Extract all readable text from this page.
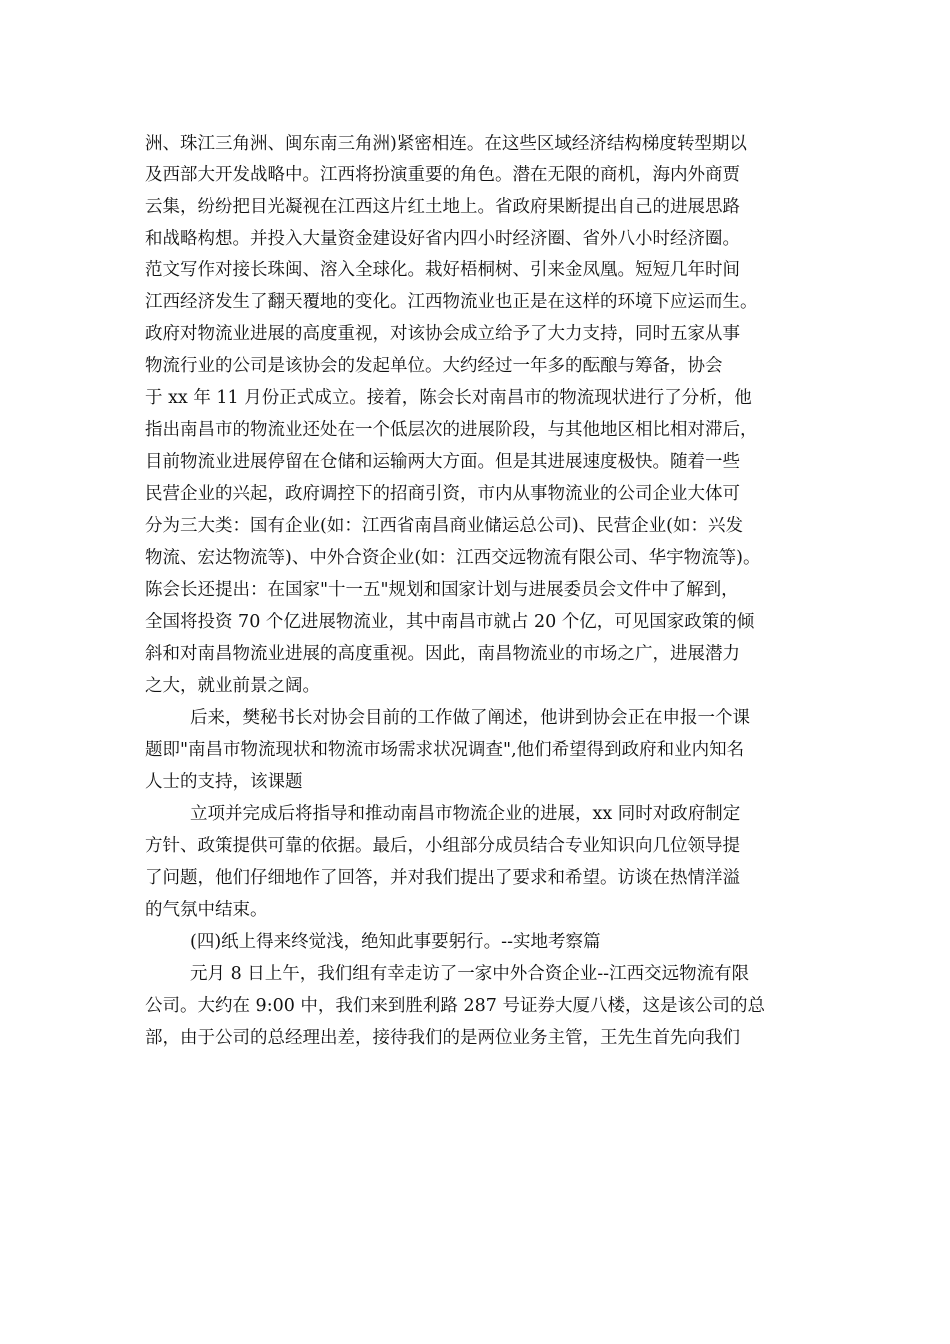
洲、珠江三角洲、闽东南三角洲)紧密相连。在这些区域经济结构梯度转型期以

及西部大开发战略中。江西将扮演重要的角色。潜在无限的商机，海内外商贾

云集，纷纷把目光凝视在江西这片红土地上。省政府果断提出自己的进展思路

和战略构想。并投入大量资金建设好省内四小时经济圈、省外八小时经济圈。

范文写作对接长珠闽、溶入全球化。栽好梧桐树、引来金凤凰。短短几年时间

江西经济发生了翻天覆地的变化。江西物流业也正是在这样的环境下应运而生。

政府对物流业进展的高度重视，对该协会成立给予了大力支持，同时五家从事

物流行业的公司是该协会的发起单位。大约经过一年多的酝酿与筹备，协会

于 xx 年 11 月份正式成立。接着，陈会长对南昌市的物流现状进行了分析，他

指出南昌市的物流业还处在一个低层次的进展阶段，与其他地区相比相对滞后，

目前物流业进展停留在仓储和运输两大方面。但是其进展速度极快。随着一些

民营企业的兴起，政府调控下的招商引资，市内从事物流业的公司企业大体可

分为三大类：国有企业(如：江西省南昌商业储运总公司)、民营企业(如：兴发

物流、宏达物流等)、中外合资企业(如：江西交远物流有限公司、华宇物流等)。

陈会长还提出：在国家"十一五"规划和国家计划与进展委员会文件中了解到，

全国将投资 70 个亿进展物流业，其中南昌市就占 20 个亿，可见国家政策的倾

斜和对南昌物流业进展的高度重视。因此，南昌物流业的市场之广，进展潜力

之大，就业前景之阔。

后来，樊秘书长对协会目前的工作做了阐述，他讲到协会正在申报一个课

题即"南昌市物流现状和物流市场需求状况调查",他们希望得到政府和业内知名

人士的支持，该课题

立项并完成后将指导和推动南昌市物流企业的进展，xx 同时对政府制定

方针、政策提供可靠的依据。最后，小组部分成员结合专业知识向几位领导提

了问题，他们仔细地作了回答，并对我们提出了要求和希望。访谈在热情洋溢

的气氛中结束。

(四)纸上得来终觉浅，绝知此事要躬行。--实地考察篇

元月 8 日上午，我们组有幸走访了一家中外合资企业--江西交远物流有限

公司。大约在 9:00 中，我们来到胜利路 287 号证券大厦八楼，这是该公司的总

部，由于公司的总经理出差，接待我们的是两位业务主管，王先生首先向我们
